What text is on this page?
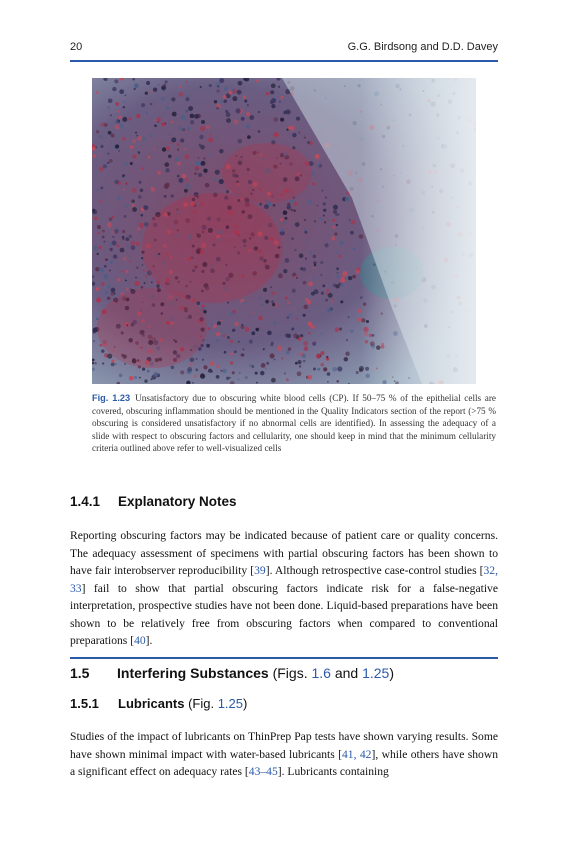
20	G.G. Birdsong and D.D. Davey
Fig. 1.23 Unsatisfactory due to obscuring white blood cells (CP). If 50–75 % of the epithelial cells are covered, obscuring inflammation should be mentioned in the Quality Indicators section of the report (>75 % obscuring is considered unsatisfactory if no abnormal cells are identified). In assessing the adequacy of a slide with respect to obscuring factors and cellularity, one should keep in mind that the minimum cellularity criteria outlined above refer to well-visualized cells
1.4.1 Explanatory Notes
Reporting obscuring factors may be indicated because of patient care or quality concerns. The adequacy assessment of specimens with partial obscuring factors has been shown to have fair interobserver reproducibility [39]. Although retrospective case-control studies [32, 33] fail to show that partial obscuring factors indicate risk for a false-negative interpretation, prospective studies have not been done. Liquid-based preparations have been shown to be relatively free from obscuring factors when compared to conventional preparations [40].
1.5 Interfering Substances (Figs. 1.6 and 1.25)
1.5.1 Lubricants (Fig. 1.25)
Studies of the impact of lubricants on ThinPrep Pap tests have shown varying results. Some have shown minimal impact with water-based lubricants [41, 42], while others have shown a significant effect on adequacy rates [43–45]. Lubricants containing
